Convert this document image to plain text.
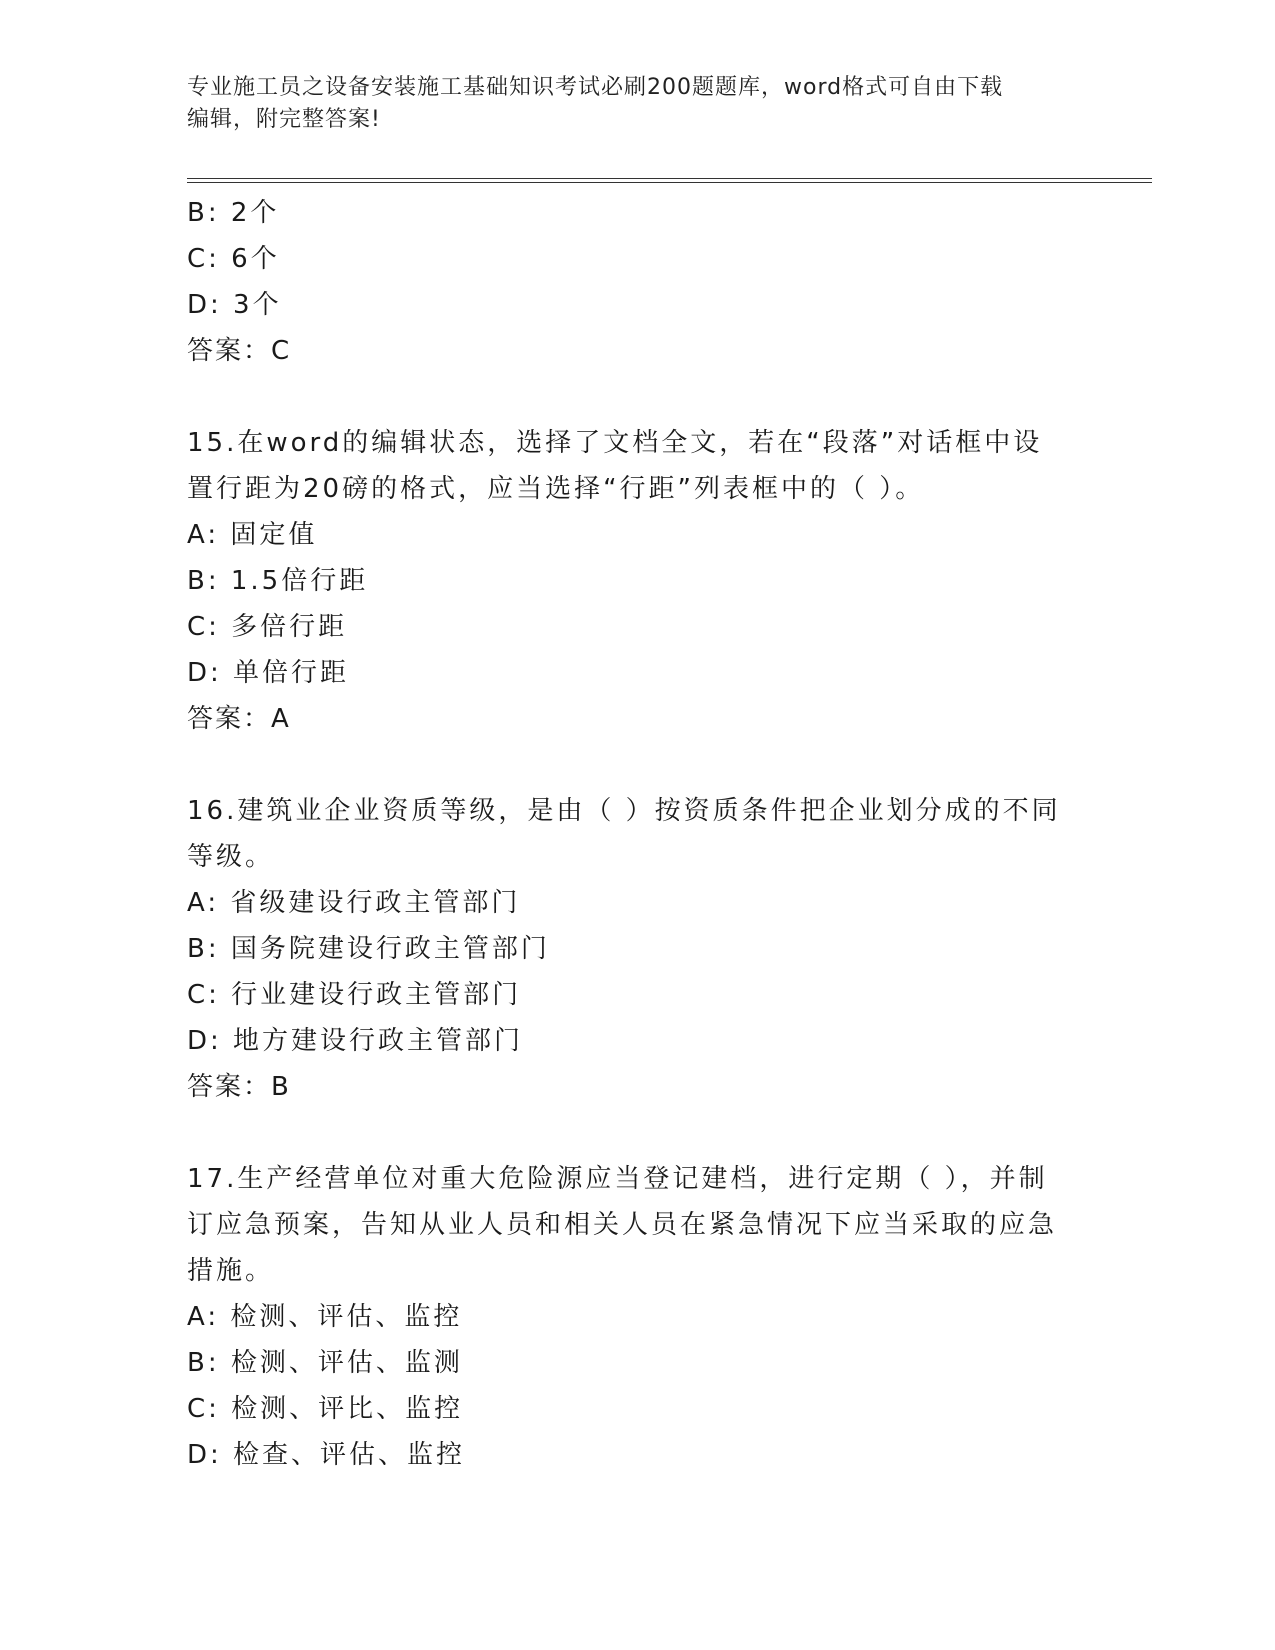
专业施工员之设备安装施工基础知识考试必刷200题题库，word格式可自由下载
编辑，附完整答案!
B: 2个
C: 6个
D: 3个
答案：C
15.在word的编辑状态，选择了文档全文，若在“段落”对话框中设
置行距为20磅的格式，应当选择“行距”列表框中的（ ）。
A: 固定值
B: 1.5倍行距
C: 多倍行距
D: 单倍行距
答案：A
16.建筑业企业资质等级，是由（ ）按资质条件把企业划分成的不同
等级。
A: 省级建设行政主管部门
B: 国务院建设行政主管部门
C: 行业建设行政主管部门
D: 地方建设行政主管部门
答案：B
17.生产经营单位对重大危险源应当登记建档，进行定期（ ），并制
订应急预案，告知从业人员和相关人员在紧急情况下应当采取的应急
措施。
A: 检测、评估、监控
B: 检测、评估、监测
C: 检测、评比、监控
D: 检查、评估、监控
